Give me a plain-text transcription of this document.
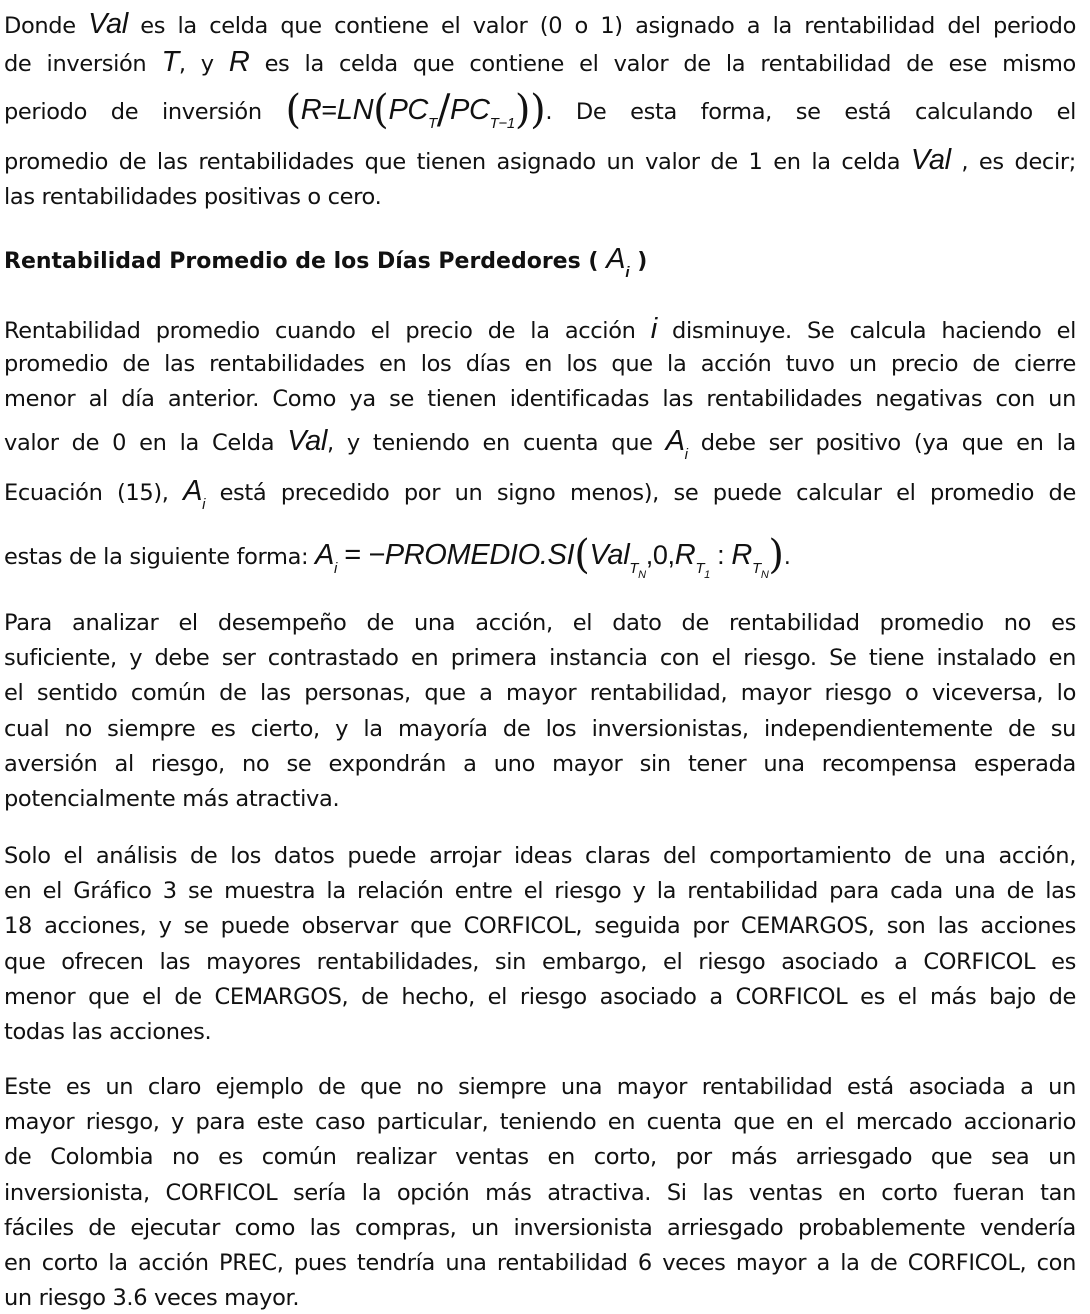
Donde Val es la celda que contiene el valor (0 o 1) asignado a la rentabilidad del periodo
de inversión T, y R es la celda que contiene el valor de la rentabilidad de ese mismo
periodo de inversión $(R=LN(PC_T/PC_{T-1}))$. De esta forma, se está calculando el
promedio de las rentabilidades que tienen asignado un valor de 1 en la celda Val , es decir;
las rentabilidades positivas o cero.
Rentabilidad Promedio de los Días Perdedores ( $A_i$ )
Rentabilidad promedio cuando el precio de la acción i disminuye. Se calcula haciendo el
promedio de las rentabilidades en los días en los que la acción tuvo un precio de cierre
menor al día anterior. Como ya se tienen identificadas las rentabilidades negativas con un
valor de 0 en la Celda Val, y teniendo en cuenta que $A_i$ debe ser positivo (ya que en la
Ecuación (15), $A_i$ está precedido por un signo menos), se puede calcular el promedio de
estas de la siguiente forma: $A_i$ = $-PROMEDIO.SI(Val_{TN},0,R_{T1}$ : $R_{TN}$).
Para analizar el desempeño de una acción, el dato de rentabilidad promedio no es
suficiente, y debe ser contrastado en primera instancia con el riesgo. Se tiene instalado en
el sentido común de las personas, que a mayor rentabilidad, mayor riesgo o viceversa, lo
cual no siempre es cierto, y la mayoría de los inversionistas, independientemente de su
aversión al riesgo, no se expondrán a uno mayor sin tener una recompensa esperada
potencialmente más atractiva.
Solo el análisis de los datos puede arrojar ideas claras del comportamiento de una acción,
en el Gráfico 3 se muestra la relación entre el riesgo y la rentabilidad para cada una de las
18 acciones, y se puede observar que CORFICOL, seguida por CEMARGOS, son las acciones
que ofrecen las mayores rentabilidades, sin embargo, el riesgo asociado a CORFICOL es
menor que el de CEMARGOS, de hecho, el riesgo asociado a CORFICOL es el más bajo de
todas las acciones.
Este es un claro ejemplo de que no siempre una mayor rentabilidad está asociada a un
mayor riesgo, y para este caso particular, teniendo en cuenta que en el mercado accionario
de Colombia no es común realizar ventas en corto, por más arriesgado que sea un
inversionista, CORFICOL sería la opción más atractiva. Si las ventas en corto fueran tan
fáciles de ejecutar como las compras, un inversionista arriesgado probablemente vendería
en corto la acción PREC, pues tendría una rentabilidad 6 veces mayor a la de CORFICOL, con
un riesgo 3.6 veces mayor.
